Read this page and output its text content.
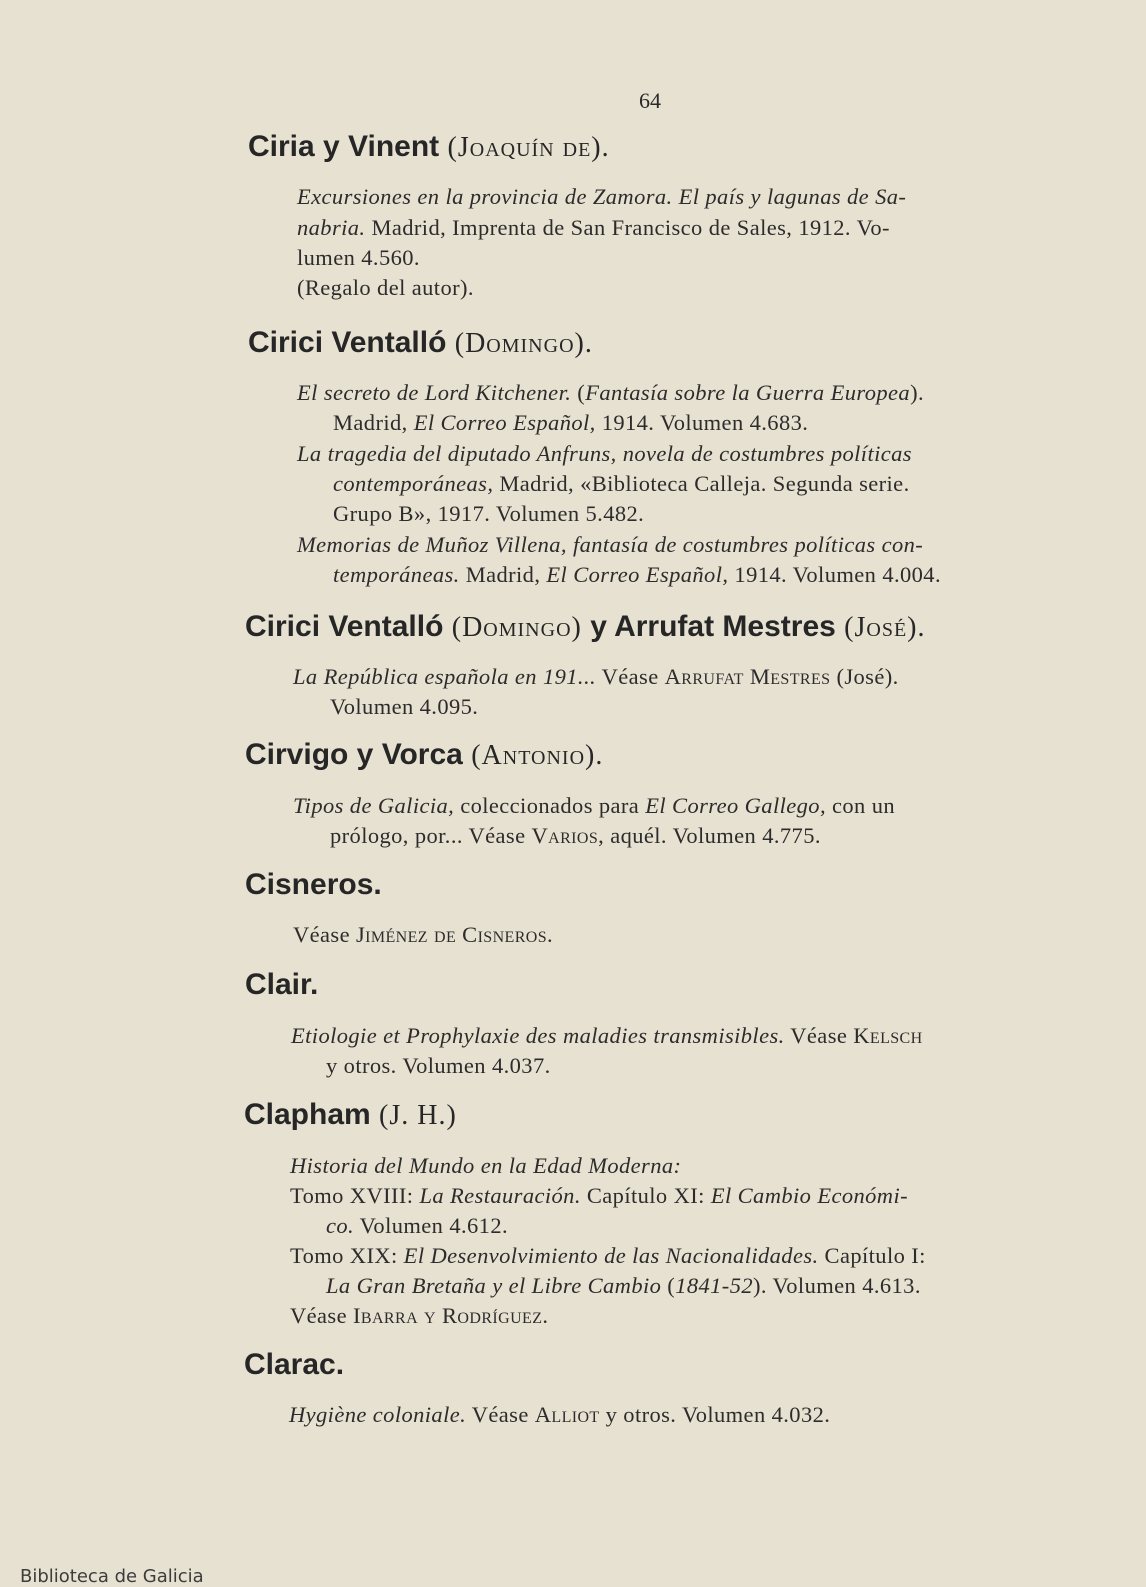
64
Ciria y Vinent (Joaquín de).
Excursiones en la provincia de Zamora. El país y lagunas de Sa-
nabria. Madrid, Imprenta de San Francisco de Sales, 1912. Vo-
lumen 4.560.
(Regalo del autor).
Cirici Ventalló (Domingo).
El secreto de Lord Kitchener. (Fantasía sobre la Guerra Europea).
Madrid, El Correo Español, 1914. Volumen 4.683.
La tragedia del diputado Anfruns, novela de costumbres políticas
contemporáneas, Madrid, «Biblioteca Calleja. Segunda serie.
Grupo B», 1917. Volumen 5.482.
Memorias de Muñoz Villena, fantasía de costumbres políticas con-
temporáneas. Madrid, El Correo Español, 1914. Volumen 4.004.
Cirici Ventalló (Domingo) y Arrufat Mestres (José).
La República española en 191... Véase Arrufat Mestres (José).
Volumen 4.095.
Cirvigo y Vorca (Antonio).
Tipos de Galicia, coleccionados para El Correo Gallego, con un
prólogo, por... Véase Varios, aquél. Volumen 4.775.
Cisneros.
Véase Jiménez de Cisneros.
Clair.
Etiologie et Prophylaxie des maladies transmisibles. Véase Kelsch
y otros. Volumen 4.037.
Clapham (J. H.)
Historia del Mundo en la Edad Moderna:
Tomo XVIII: La Restauración. Capítulo XI: El Cambio Económi-
co. Volumen 4.612.
Tomo XIX: El Desenvolvimiento de las Nacionalidades. Capítulo I:
La Gran Bretaña y el Libre Cambio (1841-52). Volumen 4.613.
Véase Ibarra y Rodríguez.
Clarac.
Hygiène coloniale. Véase Alliot y otros. Volumen 4.032.
Biblioteca de Galicia
